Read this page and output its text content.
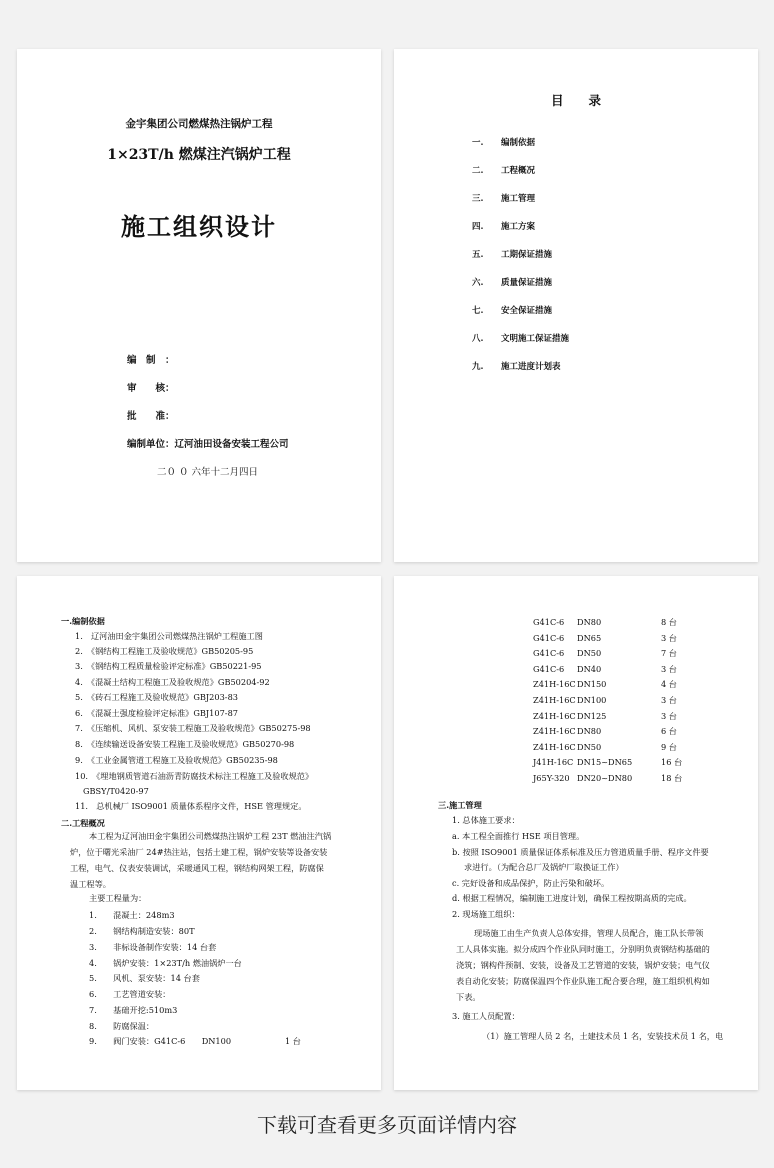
金宇集团公司燃煤热注锅炉工程
1×23T/h 燃煤注汽锅炉工程
施工组织设计
编　制　：
审　　核：
批　　准：
编制单位：辽河油田设备安装工程公司
二０ ０ 六年十二月四日
目　　录
一. 编制依据
二. 工程概况
三. 施工管理
四. 施工方案
五. 工期保证措施
六. 质量保证措施
七. 安全保证措施
八. 文明施工保证措施
九. 施工进度计划表
一.编制依据
1.　辽河油田金宇集团公司燃煤热注锅炉工程施工图
2.　《钢结构工程施工及验收规范》GB50205-95
3.　《钢结构工程质量检验评定标准》GB50221-95
4.　《混凝土结构工程施工及验收规范》GB50204-92
5.　《砖石工程施工及验收规范》GBJ203-83
6.　《混凝土强度检验评定标准》GBJ107-87
7.　《压缩机、风机、泵安装工程施工及验收规范》GB50275-98
8.　《连续输送设备安装工程施工及验收规范》GB50270-98
9.　《工业金属管道工程施工及验收规范》GB50235-98
10.　《埋地钢质管道石油沥青防腐技术标注工程施工及验收规范》
GBSY/T0420-97
11.　总机械厂 ISO9001 质量体系程序文件，HSE 管理规定。
二.工程概况
本工程为辽河油田金宇集团公司燃煤热注锅炉工程 23T 燃油注汽锅
炉，位于曙光采油厂 24#热注站，包括土建工程，锅炉安装等设备安装
工程，电气、仪表安装调试，采暖通风工程，钢结构网架工程，防腐保
温工程等。
主要工程量为：
1.　　混凝土：248m3
2.　　钢结构制造安装：80T
3.　　非标设备制作安装：14 台套
4.　　锅炉安装：1×23T/h 燃油锅炉一台
5.　　风机、泵安装：14 台套
6.　　工艺管道安装：
7.　　基础开挖:510m3
8.　　防腐保温：
9.　　阀门安装：G41C-6　　DN100	1 台
G41C-6 DN80	8 台
G41C-6 DN65	3 台
G41C-6 DN50	7 台
G41C-6 DN40	3 台
Z41H-16C DN150	4 台
Z41H-16C DN100	3 台
Z41H-16C DN125	3 台
Z41H-16C DN80	6 台
Z41H-16C DN50	9 台
J41H-16C DN15~DN65	16 台
J65Y-320 DN20~DN80	18 台
三.施工管理
1. 总体施工要求：
a. 本工程全面推行 HSE 项目管理。
b. 按照 ISO9001 质量保证体系标准及压力管道质量手册、程序文件要
求进行。（为配合总厂及锅炉厂取换证工作）
c. 完好设备和成品保护，防止污染和破坏。
d. 根据工程情况，编制施工进度计划，确保工程按期高质的完成。
2. 现场施工组织：
现场施工由生产负责人总体安排，管理人员配合，施工队长带领
工人具体实施。拟分成四个作业队同时施工，分别明负责钢结构基础的
浇筑；钢构件预制、安装，设备及工艺管道的安装，锅炉安装；电气仪
表自动化安装；防腐保温四个作业队施工配合要合理，施工组织机构如
下表。
3. 施工人员配置：
（1）施工管理人员 2 名，土建技术员 1 名，安装技术员 1 名，电
下载可查看更多页面详情内容
